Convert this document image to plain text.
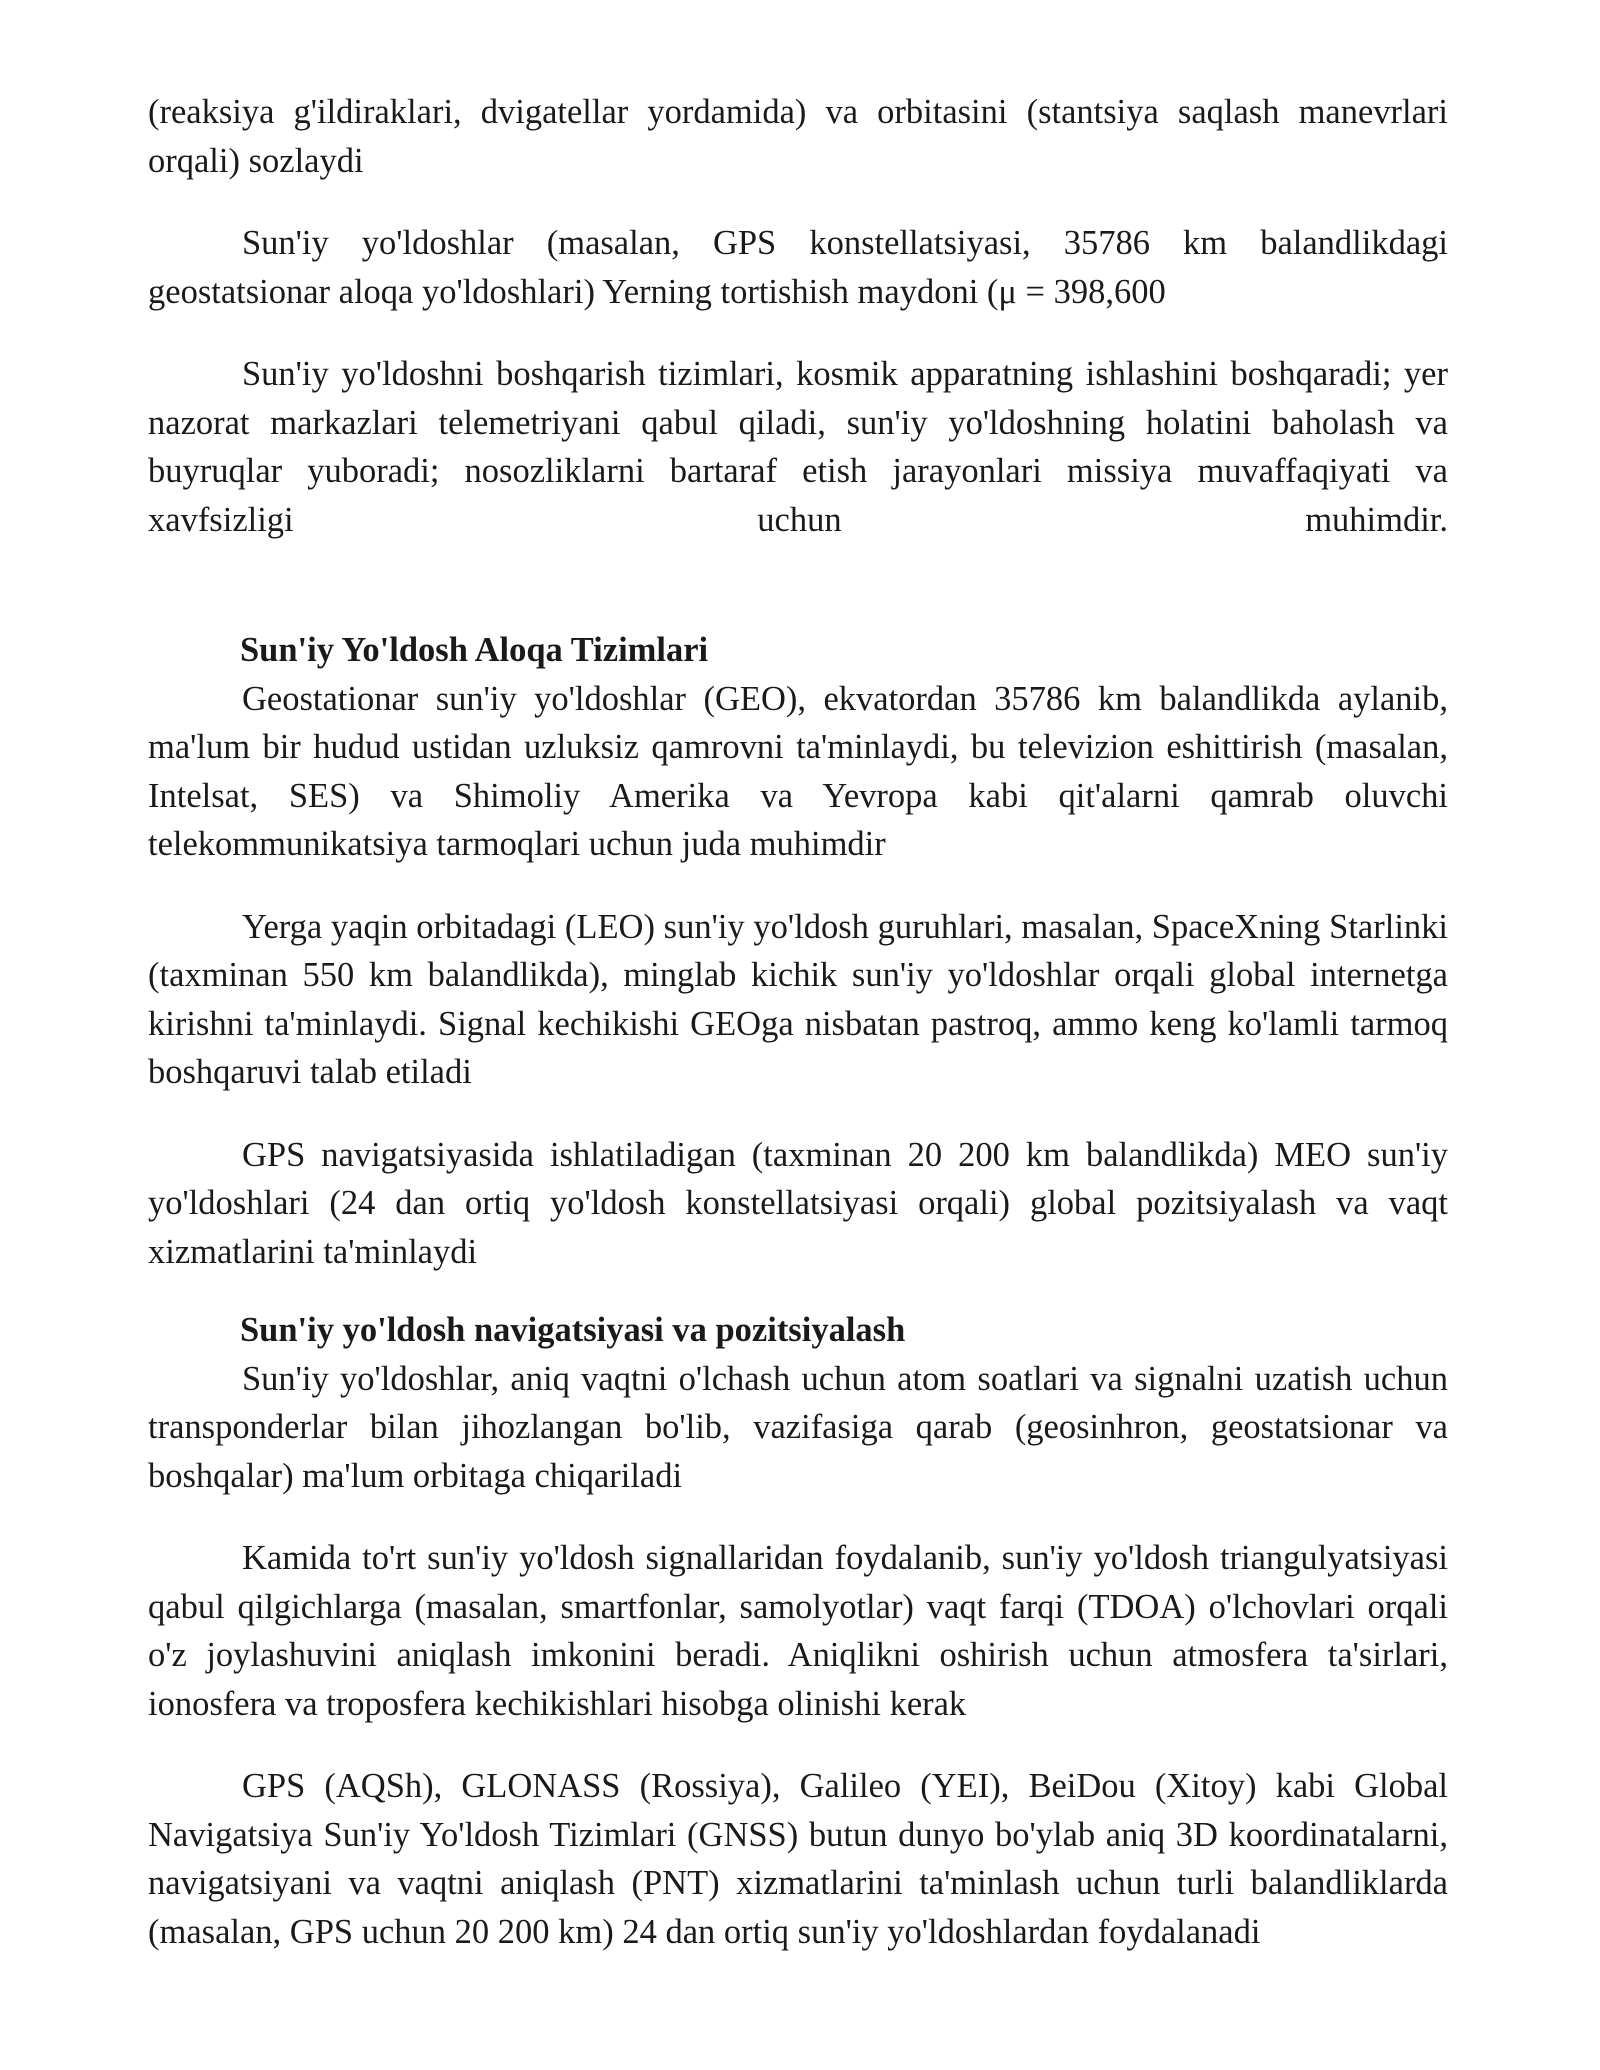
(reaksiya g'ildiraklari, dvigatellar yordamida) va orbitasini (stantsiya saqlash manevrlari orqali) sozlaydi

Sun'iy yo'ldoshlar (masalan, GPS konstellatsiyasi, 35786 km balandlikdagi geostatsionar aloqa yo'ldoshlari) Yerning tortishish maydoni (μ = 398,600

Sun'iy yo'ldoshni boshqarish tizimlari, kosmik apparatning ishlashini boshqaradi; yer nazorat markazlari telemetriyani qabul qiladi, sun'iy yo'ldoshning holatini baholash va buyruqlar yuboradi; nosozliklarni bartaraf etish jarayonlari missiya muvaffaqiyati va xavfsizligi uchun muhimdir.

Sun'iy Yo'ldosh Aloqa Tizimlari

Geostationar sun'iy yo'ldoshlar (GEO), ekvatordan 35786 km balandlikda aylanib, ma'lum bir hudud ustidan uzluksiz qamrovni ta'minlaydi, bu televizion eshittirish (masalan, Intelsat, SES) va Shimoliy Amerika va Yevropa kabi qit'alarni qamrab oluvchi telekommunikatsiya tarmoqlari uchun juda muhimdir

Yerga yaqin orbitadagi (LEO) sun'iy yo'ldosh guruhlari, masalan, SpaceXning Starlinki (taxminan 550 km balandlikda), minglab kichik sun'iy yo'ldoshlar orqali global internetga kirishni ta'minlaydi. Signal kechikishi GEOga nisbatan pastroq, ammo keng ko'lamli tarmoq boshqaruvi talab etiladi

GPS navigatsiyasida ishlatiladigan (taxminan 20 200 km balandlikda) MEO sun'iy yo'ldoshlari (24 dan ortiq yo'ldosh konstellatsiyasi orqali) global pozitsiyalash va vaqt xizmatlarini ta'minlaydi

Sun'iy yo'ldosh navigatsiyasi va pozitsiyalash

Sun'iy yo'ldoshlar, aniq vaqtni o'lchash uchun atom soatlari va signalni uzatish uchun transponderlar bilan jihozlangan bo'lib, vazifasiga qarab (geosinhron, geostatsionar va boshqalar) ma'lum orbitaga chiqariladi

Kamida to'rt sun'iy yo'ldosh signallaridan foydalanib, sun'iy yo'ldosh triangulyatsiyasi qabul qilgichlarga (masalan, smartfonlar, samolyotlar) vaqt farqi (TDOA) o'lchovlari orqali o'z joylashuvini aniqlash imkonini beradi. Aniqlikni oshirish uchun atmosfera ta'sirlari, ionosfera va troposfera kechikishlari hisobga olinishi kerak

GPS (AQSh), GLONASS (Rossiya), Galileo (YEI), BeiDou (Xitoy) kabi Global Navigatsiya Sun'iy Yo'ldosh Tizimlari (GNSS) butun dunyo bo'ylab aniq 3D koordinatalarni, navigatsiyani va vaqtni aniqlash (PNT) xizmatlarini ta'minlash uchun turli balandliklarda (masalan, GPS uchun 20 200 km) 24 dan ortiq sun'iy yo'ldoshlardan foydalanadi
